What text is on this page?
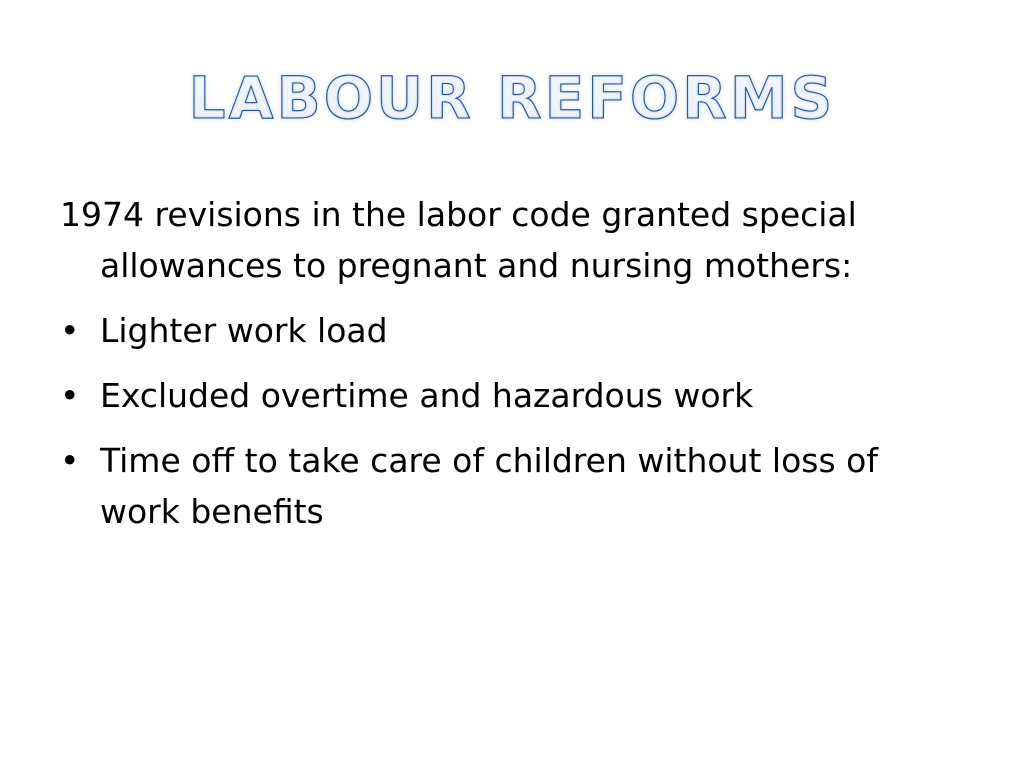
LABOUR REFORMS

1974 revisions in the labor code granted special allowances to pregnant and nursing mothers:

• Lighter work load
• Excluded overtime and hazardous work
• Time off to take care of children without loss of work benefits
